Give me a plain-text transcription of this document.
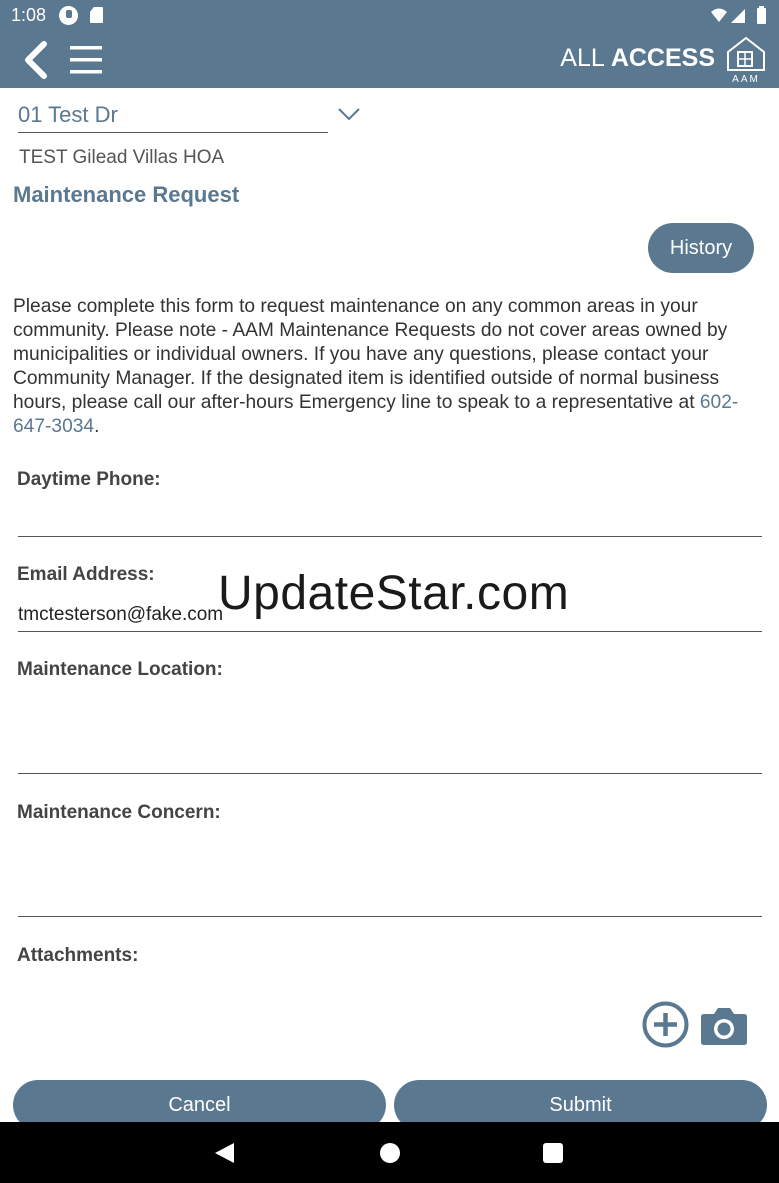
1:08
ALL ACCESS
AAM
01 Test Dr
TEST Gilead Villas HOA
Maintenance Request
History
Please complete this form to request maintenance on any common areas in your community. Please note - AAM Maintenance Requests do not cover areas owned by municipalities or individual owners. If you have any questions, please contact your Community Manager. If the designated item is identified outside of normal business hours, please call our after-hours Emergency line to speak to a representative at 602-647-3034.
Daytime Phone:
Email Address:
tmctesterson@fake.com
Maintenance Location:
Maintenance Concern:
Attachments:
Cancel	Submit
UpdateStar.com
